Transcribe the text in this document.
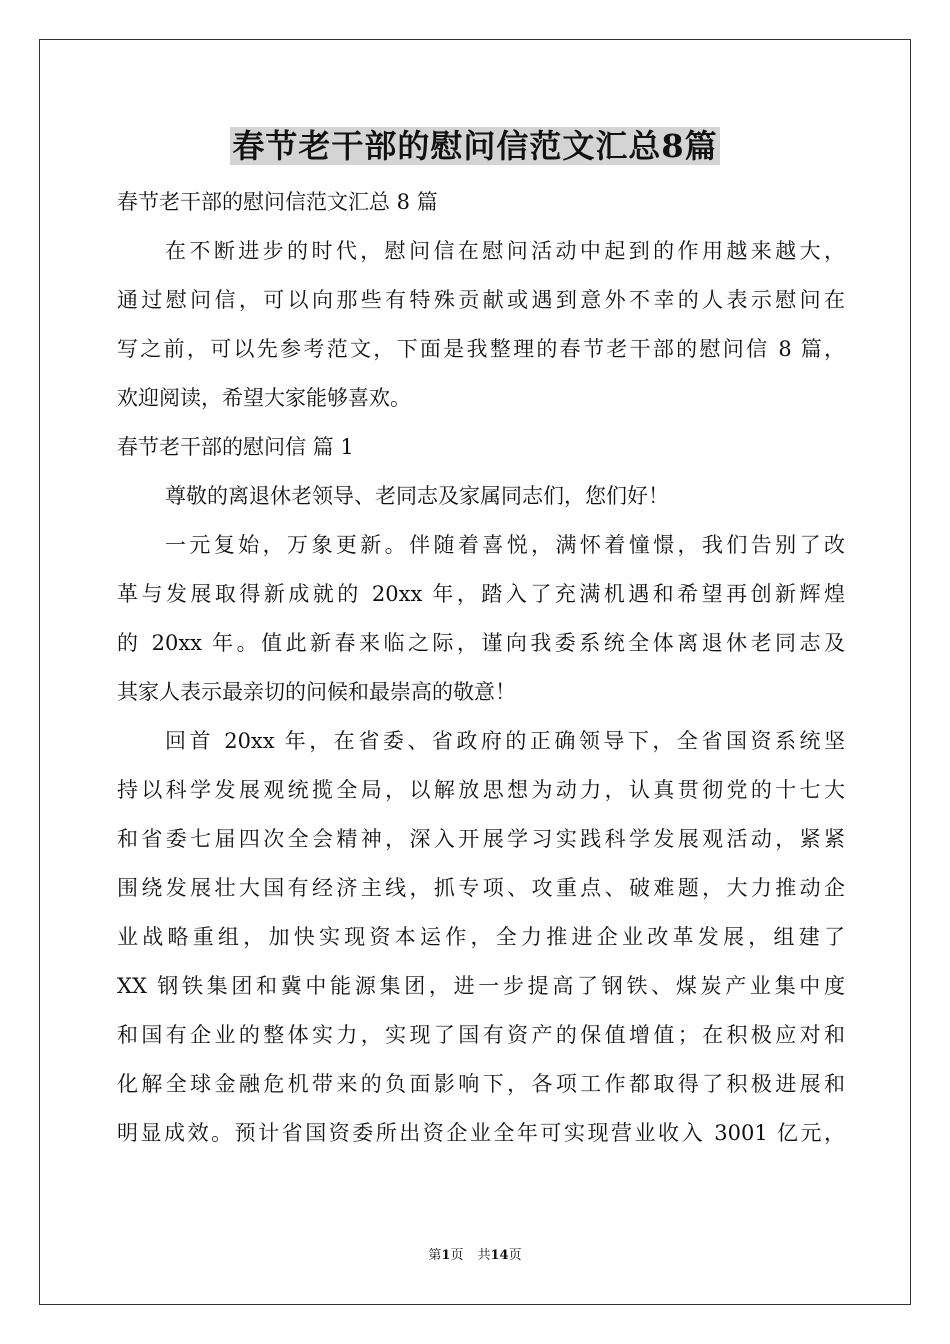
春节老干部的慰问信范文汇总8篇
春节老干部的慰问信范文汇总 8 篇
在不断进步的时代，慰问信在慰问活动中起到的作用越来越大，
通过慰问信，可以向那些有特殊贡献或遇到意外不幸的人表示慰问在
写之前，可以先参考范文，下面是我整理的春节老干部的慰问信 8 篇，
欢迎阅读，希望大家能够喜欢。
春节老干部的慰问信 篇 1
尊敬的离退休老领导、老同志及家属同志们，您们好！
一元复始，万象更新。伴随着喜悦，满怀着憧憬，我们告别了改
革与发展取得新成就的 20xx 年，踏入了充满机遇和希望再创新辉煌
的 20xx 年。值此新春来临之际，谨向我委系统全体离退休老同志及
其家人表示最亲切的问候和最崇高的敬意！
回首 20xx 年，在省委、省政府的正确领导下，全省国资系统坚
持以科学发展观统揽全局，以解放思想为动力，认真贯彻党的十七大
和省委七届四次全会精神，深入开展学习实践科学发展观活动，紧紧
围绕发展壮大国有经济主线，抓专项、攻重点、破难题，大力推动企
业战略重组，加快实现资本运作，全力推进企业改革发展，组建了
XX 钢铁集团和冀中能源集团，进一步提高了钢铁、煤炭产业集中度
和国有企业的整体实力，实现了国有资产的保值增值；在积极应对和
化解全球金融危机带来的负面影响下，各项工作都取得了积极进展和
明显成效。预计省国资委所出资企业全年可实现营业收入 3001 亿元，
第1页 共14页
